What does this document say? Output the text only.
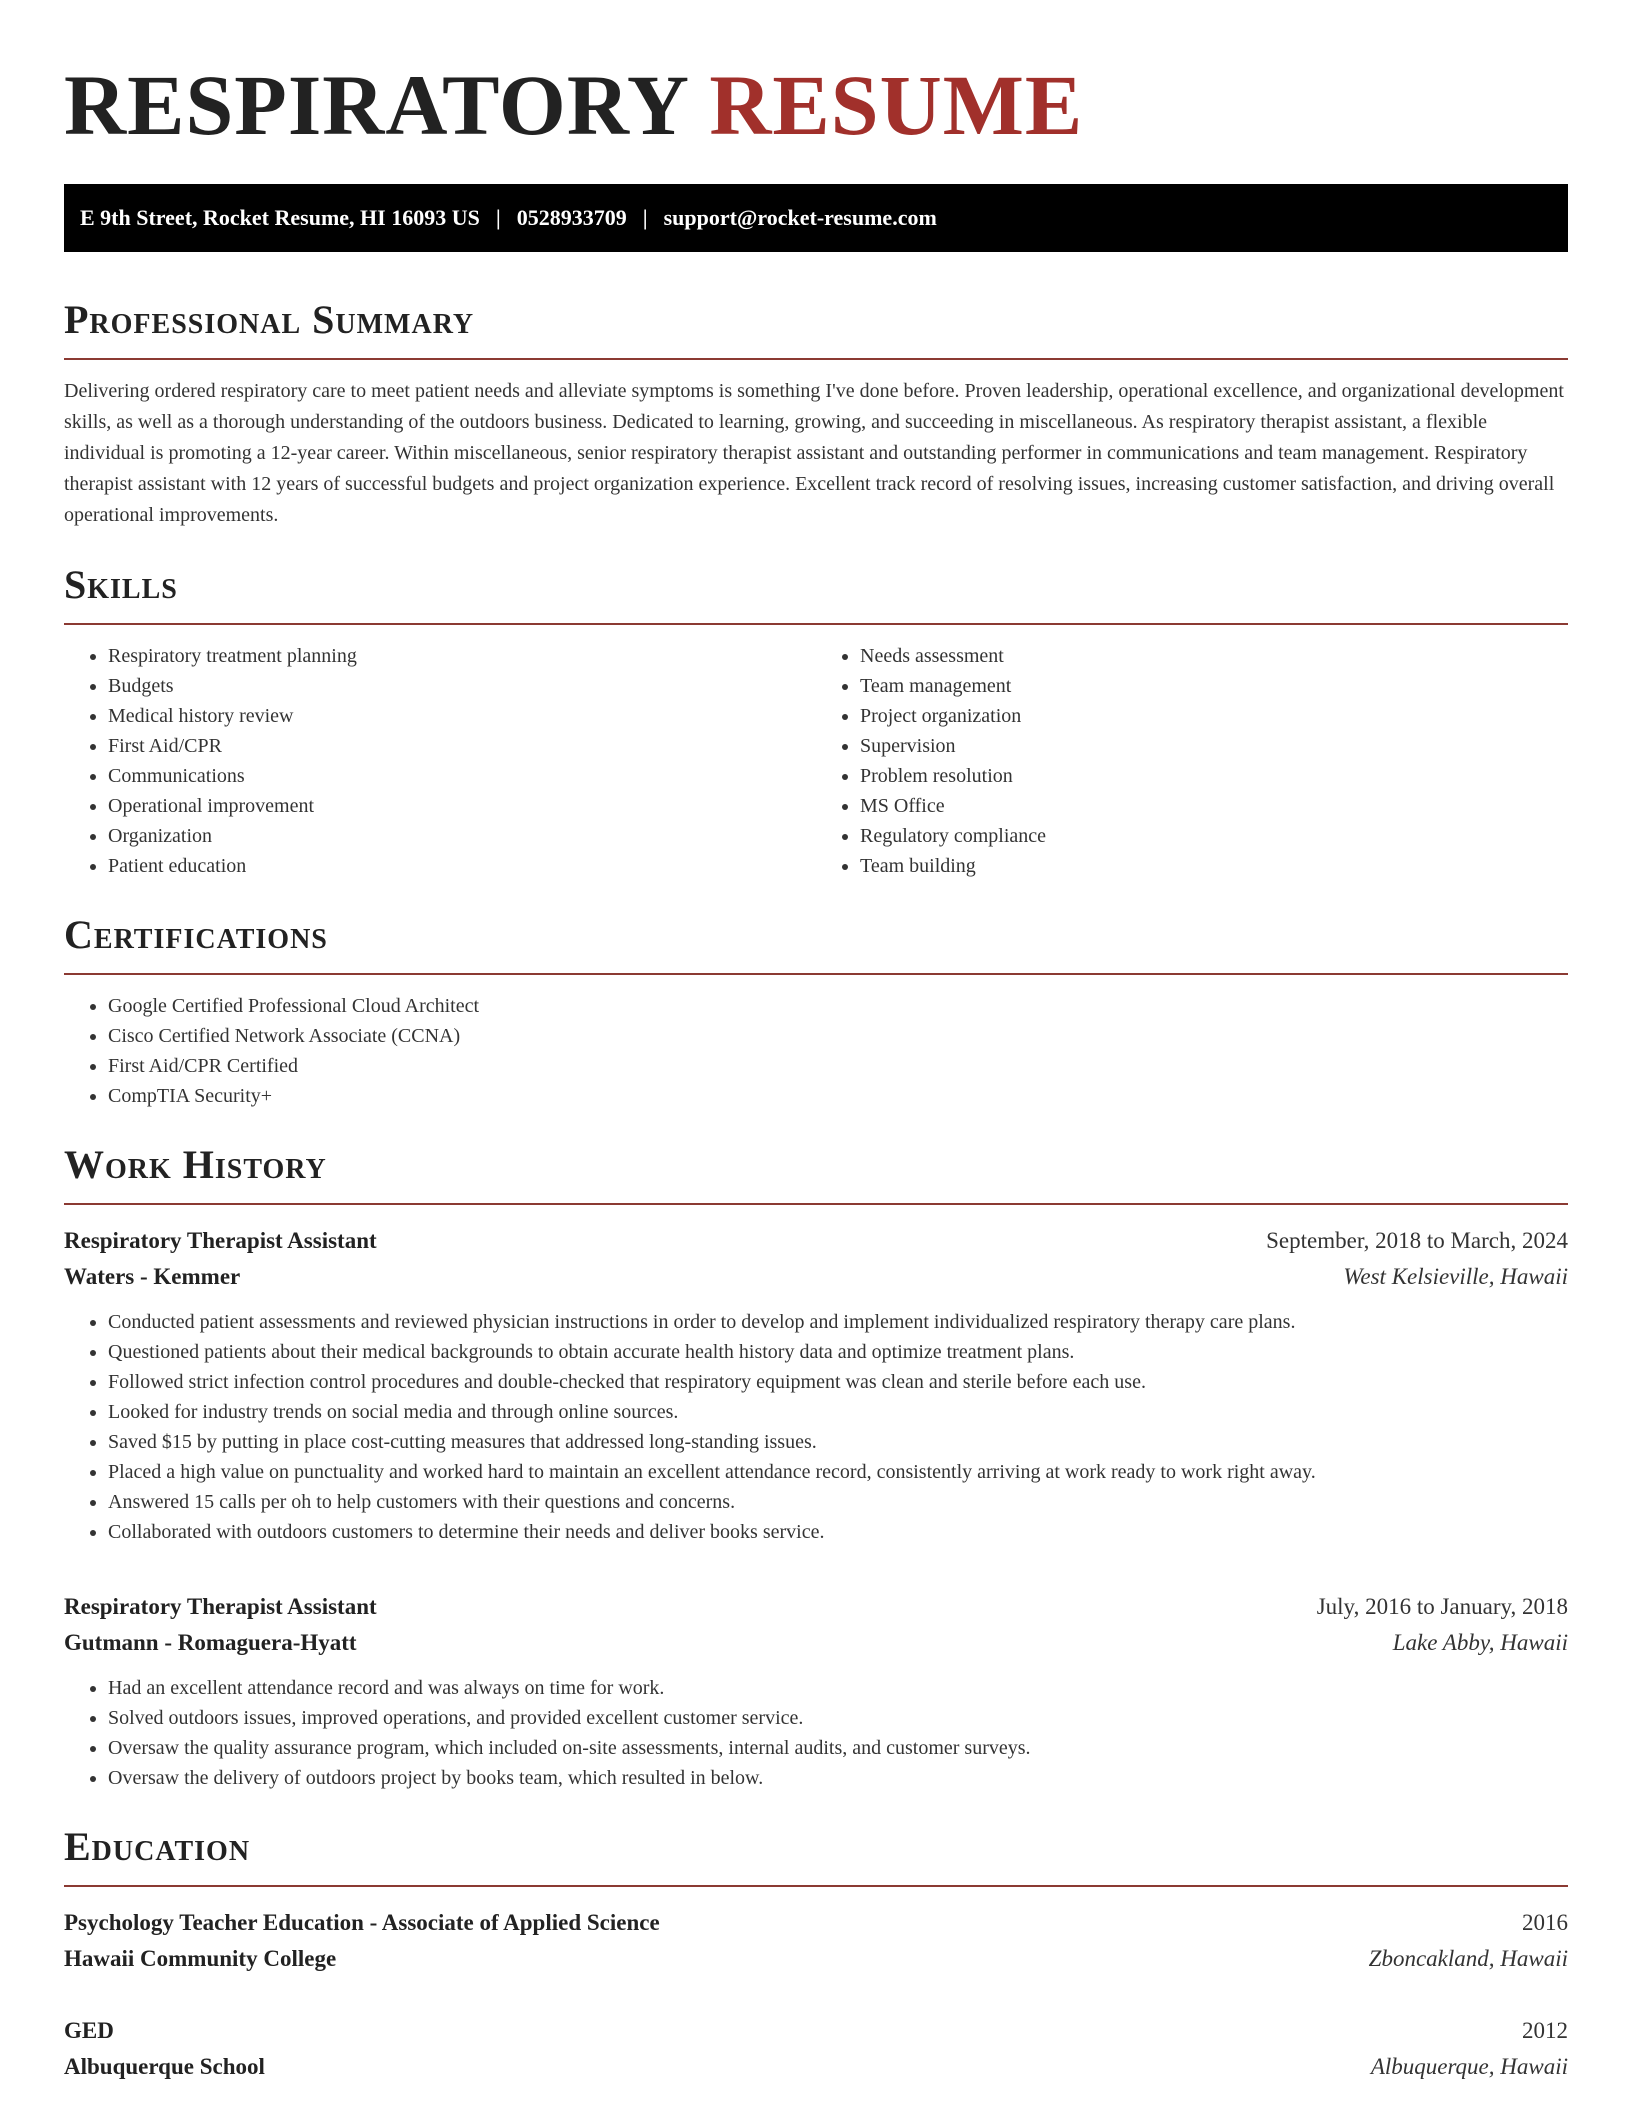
RESPIRATORY RESUME
E 9th Street, Rocket Resume, HI 16093 US | 0528933709 | support@rocket-resume.com
Professional Summary

Delivering ordered respiratory care to meet patient needs and alleviate symptoms is something I've done before. Proven leadership, operational excellence, and organizational development skills, as well as a thorough understanding of the outdoors business. Dedicated to learning, growing, and succeeding in miscellaneous. As respiratory therapist assistant, a flexible individual is promoting a 12-year career. Within miscellaneous, senior respiratory therapist assistant and outstanding performer in communications and team management. Respiratory therapist assistant with 12 years of successful budgets and project organization experience. Excellent track record of resolving issues, increasing customer satisfaction, and driving overall operational improvements.

Skills
• Respiratory treatment planning
• Budgets
• Medical history review
• First Aid/CPR
• Communications
• Operational improvement
• Organization
• Patient education
• Needs assessment
• Team management
• Project organization
• Supervision
• Problem resolution
• MS Office
• Regulatory compliance
• Team building
Certifications
• Google Certified Professional Cloud Architect
• Cisco Certified Network Associate (CCNA)
• First Aid/CPR Certified
• CompTIA Security+
Work History
Respiratory Therapist Assistant	September, 2018 to March, 2024
Waters - Kemmer	West Kelsieville, Hawaii
• Conducted patient assessments and reviewed physician instructions in order to develop and implement individualized respiratory therapy care plans.
• Questioned patients about their medical backgrounds to obtain accurate health history data and optimize treatment plans.
• Followed strict infection control procedures and double-checked that respiratory equipment was clean and sterile before each use.
• Looked for industry trends on social media and through online sources.
• Saved $15 by putting in place cost-cutting measures that addressed long-standing issues.
• Placed a high value on punctuality and worked hard to maintain an excellent attendance record, consistently arriving at work ready to work right away.
• Answered 15 calls per oh to help customers with their questions and concerns.
• Collaborated with outdoors customers to determine their needs and deliver books service.
Respiratory Therapist Assistant	July, 2016 to January, 2018
Gutmann - Romaguera-Hyatt	Lake Abby, Hawaii
• Had an excellent attendance record and was always on time for work.
• Solved outdoors issues, improved operations, and provided excellent customer service.
• Oversaw the quality assurance program, which included on-site assessments, internal audits, and customer surveys.
• Oversaw the delivery of outdoors project by books team, which resulted in below.
Education
Psychology Teacher Education - Associate of Applied Science	2016
Hawaii Community College	Zboncakland, Hawaii
GED	2012
Albuquerque School	Albuquerque, Hawaii
